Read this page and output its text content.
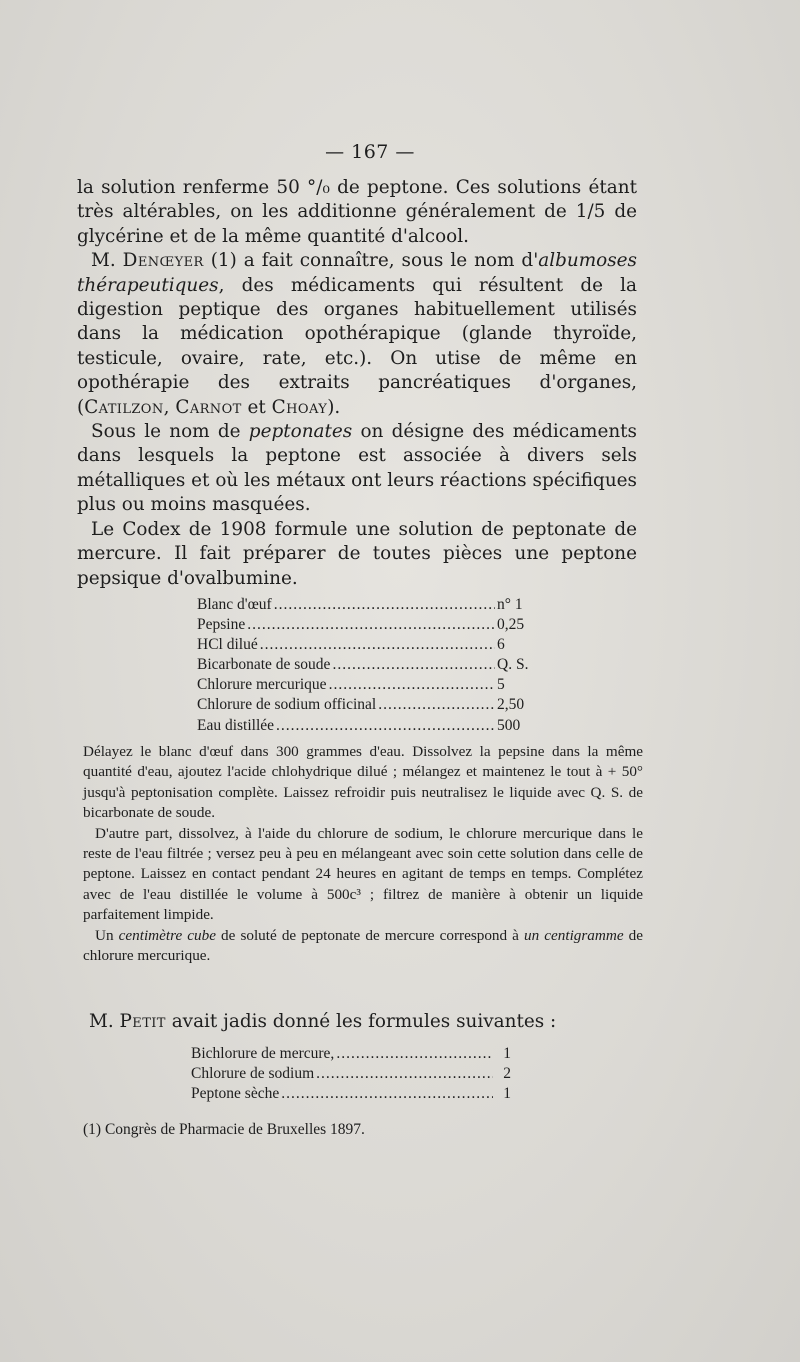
— 167 —

la solution renferme 50 °/₀ de peptone. Ces solutions étant très altérables, on les additionne généralement de 1/5 de glycérine et de la même quantité d'alcool.

M. Denœyer (1) a fait connaître, sous le nom d'albumoses thérapeutiques, des médicaments qui résultent de la digestion peptique des organes habituellement utilisés dans la médication opothérapique (glande thyroïde, testicule, ovaire, rate, etc.). On utise de même en opothérapie des extraits pancréatiques d'organes, (Catilzon, Carnot et Choay).

Sous le nom de peptonates on désigne des médicaments dans lesquels la peptone est associée à divers sels métalliques et où les métaux ont leurs réactions spécifiques plus ou moins masquées.

Le Codex de 1908 formule une solution de peptonate de mercure. Il fait préparer de toutes pièces une peptone pepsique d'ovalbumine.

Blanc d'œuf .....	n° 1
Pepsine .....	0,25
HCl dilué .....	6
Bicarbonate de soude .....	Q. S.
Chlorure mercurique .....	5
Chlorure de sodium officinal .....	2,50
Eau distillée .....	500

Délayez le blanc d'œuf dans 300 grammes d'eau. Dissolvez la pepsine dans la même quantité d'eau, ajoutez l'acide chlohydrique dilué ; mélangez et maintenez le tout à + 50° jusqu'à peptonisation complète. Laissez refroidir puis neutralisez le liquide avec Q. S. de bicarbonate de soude.

D'autre part, dissolvez, à l'aide du chlorure de sodium, le chlorure mercurique dans le reste de l'eau filtrée ; versez peu à peu en mélangeant avec soin cette solution dans celle de peptone. Laissez en contact pendant 24 heures en agitant de temps en temps. Complétez avec de l'eau distillée le volume à 500c³ ; filtrez de manière à obtenir un liquide parfaitement limpide.

Un centimètre cube de soluté de peptonate de mercure correspond à un centigramme de chlorure mercurique.

M. Petit avait jadis donné les formules suivantes :
Bichlorure de mercure, .....	1
Chlorure de sodium .....	2
Peptone sèche .....	1
(1) Congrès de Pharmacie de Bruxelles 1897.
